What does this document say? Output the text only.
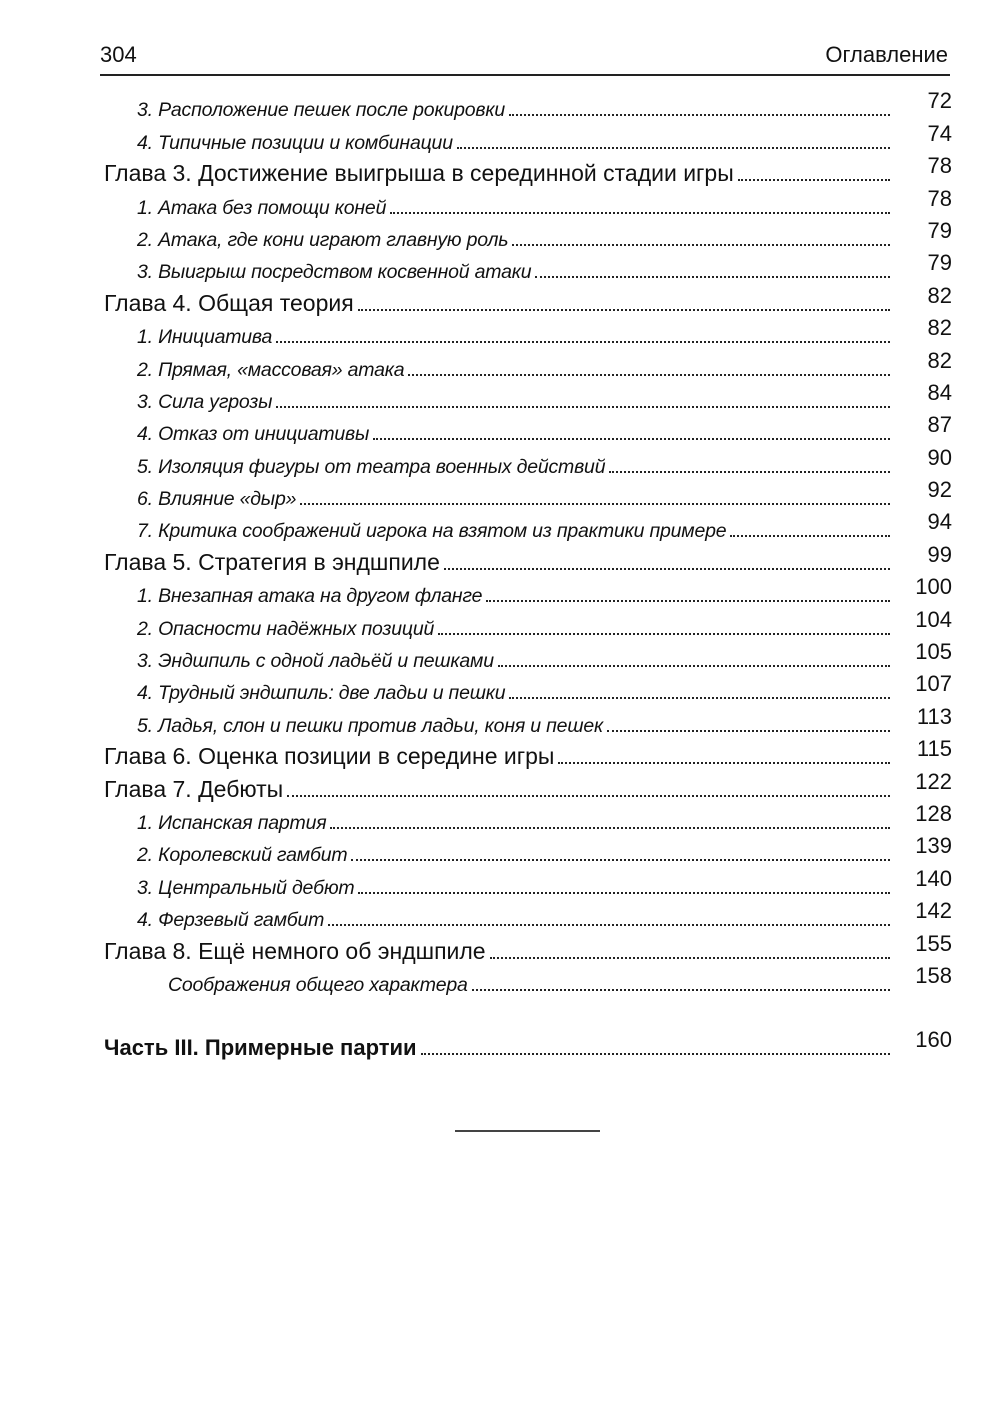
304	Оглавление
3. Расположение пешек после рокировки	72
4. Типичные позиции и комбинации	74
Глава 3. Достижение выигрыша в серединной стадии игры	78
1. Атака без помощи коней	78
2. Атака, где кони играют главную роль	79
3. Выигрыш посредством косвенной атаки	79
Глава 4. Общая теория	82
1. Инициатива	82
2. Прямая, «массовая» атака	82
3. Сила угрозы	84
4. Отказ от инициативы	87
5. Изоляция фигуры от театра военных действий	90
6. Влияние «дыр»	92
7. Критика соображений игрока на взятом из практики примере	94
Глава 5. Стратегия в эндшпиле	99
1. Внезапная атака на другом фланге	100
2. Опасности надёжных позиций	104
3. Эндшпиль с одной ладьёй и пешками	105
4. Трудный эндшпиль: две ладьи и пешки	107
5. Ладья, слон и пешки против ладьи, коня и пешек	113
Глава 6. Оценка позиции в середине игры	115
Глава 7. Дебюты	122
1. Испанская партия	128
2. Королевский гамбит	139
3. Центральный дебют	140
4. Ферзевый гамбит	142
Глава 8. Ещё немного об эндшпиле	155
Соображения общего характера	158
Часть III. Примерные партии	160
